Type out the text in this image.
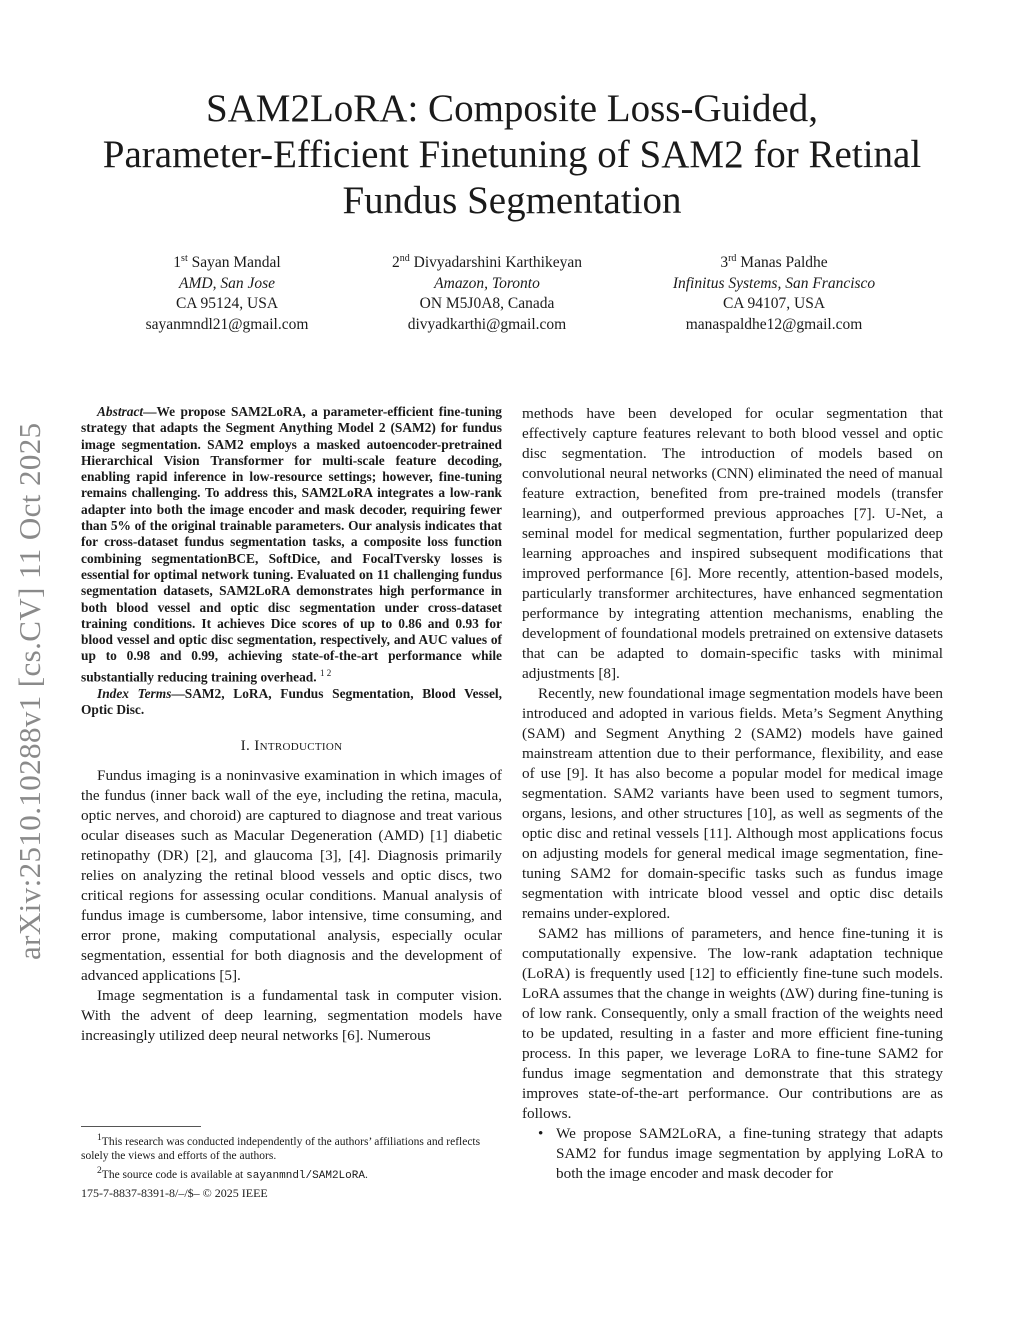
SAM2LoRA: Composite Loss-Guided,
Parameter-Efficient Finetuning of SAM2 for Retinal
Fundus Segmentation
1st Sayan Mandal
AMD, San Jose
CA 95124, USA
sayanmndl21@gmail.com
2nd Divyadarshini Karthikeyan
Amazon, Toronto
ON M5J0A8, Canada
divyadkarthi@gmail.com
3rd Manas Paldhe
Infinitus Systems, San Francisco
CA 94107, USA
manaspaldhe12@gmail.com
arXiv:2510.10288v1 [cs.CV] 11 Oct 2025

Abstract—We propose SAM2LoRA, a parameter-efficient fine-tuning strategy that adapts the Segment Anything Model 2 (SAM2) for fundus image segmentation. SAM2 employs a masked autoencoder-pretrained Hierarchical Vision Transformer for multi-scale feature decoding, enabling rapid inference in low-resource settings; however, fine-tuning remains challenging. To address this, SAM2LoRA integrates a low-rank adapter into both the image encoder and mask decoder, requiring fewer than 5% of the original trainable parameters. Our analysis indicates that for cross-dataset fundus segmentation tasks, a composite loss function combining segmentationBCE, SoftDice, and FocalTversky losses is essential for optimal network tuning. Evaluated on 11 challenging fundus segmentation datasets, SAM2LoRA demonstrates high performance in both blood vessel and optic disc segmentation under cross-dataset training conditions. It achieves Dice scores of up to 0.86 and 0.93 for blood vessel and optic disc segmentation, respectively, and AUC values of up to 0.98 and 0.99, achieving state-of-the-art performance while substantially reducing training overhead. $^{1 2}$

Index Terms—SAM2, LoRA, Fundus Segmentation, Blood Vessel, Optic Disc.

I. Introduction

Fundus imaging is a noninvasive examination in which images of the fundus (inner back wall of the eye, including the retina, macula, optic nerves, and choroid) are captured to diagnose and treat various ocular diseases such as Macular Degeneration (AMD) [1] diabetic retinopathy (DR) [2], and glaucoma [3], [4]. Diagnosis primarily relies on analyzing the retinal blood vessels and optic discs, two critical regions for assessing ocular conditions. Manual analysis of fundus image is cumbersome, labor intensive, time consuming, and error prone, making computational analysis, especially ocular segmentation, essential for both diagnosis and the development of advanced applications [5].

Image segmentation is a fundamental task in computer vision. With the advent of deep learning, segmentation models have increasingly utilized deep neural networks [6]. Numerous

$^1$This research was conducted independently of the authors’ affiliations and reflects solely the views and efforts of the authors.
$^2$The source code is available at sayanmndl/SAM2LoRA.
175-7-8837-8391-8/–/$– © 2025 IEEE

methods have been developed for ocular segmentation that effectively capture features relevant to both blood vessel and optic disc segmentation. The introduction of models based on convolutional neural networks (CNN) eliminated the need of manual feature extraction, benefited from pre-trained models (transfer learning), and outperformed previous approaches [7]. U-Net, a seminal model for medical segmentation, further popularized deep learning approaches and inspired subsequent modifications that improved performance [6]. More recently, attention-based models, particularly transformer architectures, have enhanced segmentation performance by integrating attention mechanisms, enabling the development of foundational models pretrained on extensive datasets that can be adapted to domain-specific tasks with minimal adjustments [8].

Recently, new foundational image segmentation models have been introduced and adopted in various fields. Meta’s Segment Anything (SAM) and Segment Anything 2 (SAM2) models have gained mainstream attention due to their performance, flexibility, and ease of use [9]. It has also become a popular model for medical image segmentation. SAM2 variants have been used to segment tumors, organs, lesions, and other structures [10], as well as segments of the optic disc and retinal vessels [11]. Although most applications focus on adjusting models for general medical image segmentation, fine-tuning SAM2 for domain-specific tasks such as fundus image segmentation with intricate blood vessel and optic disc details remains under-explored.

SAM2 has millions of parameters, and hence fine-tuning it is computationally expensive. The low-rank adaptation technique (LoRA) is frequently used [12] to efficiently fine-tune such models. LoRA assumes that the change in weights (ΔW) during fine-tuning is of low rank. Consequently, only a small fraction of the weights need to be updated, resulting in a faster and more efficient fine-tuning process. In this paper, we leverage LoRA to fine-tune SAM2 for fundus image segmentation and demonstrate that this strategy improves state-of-the-art performance. Our contributions are as follows.

• We propose SAM2LoRA, a fine-tuning strategy that adapts SAM2 for fundus image segmentation by applying LoRA to both the image encoder and mask decoder for
